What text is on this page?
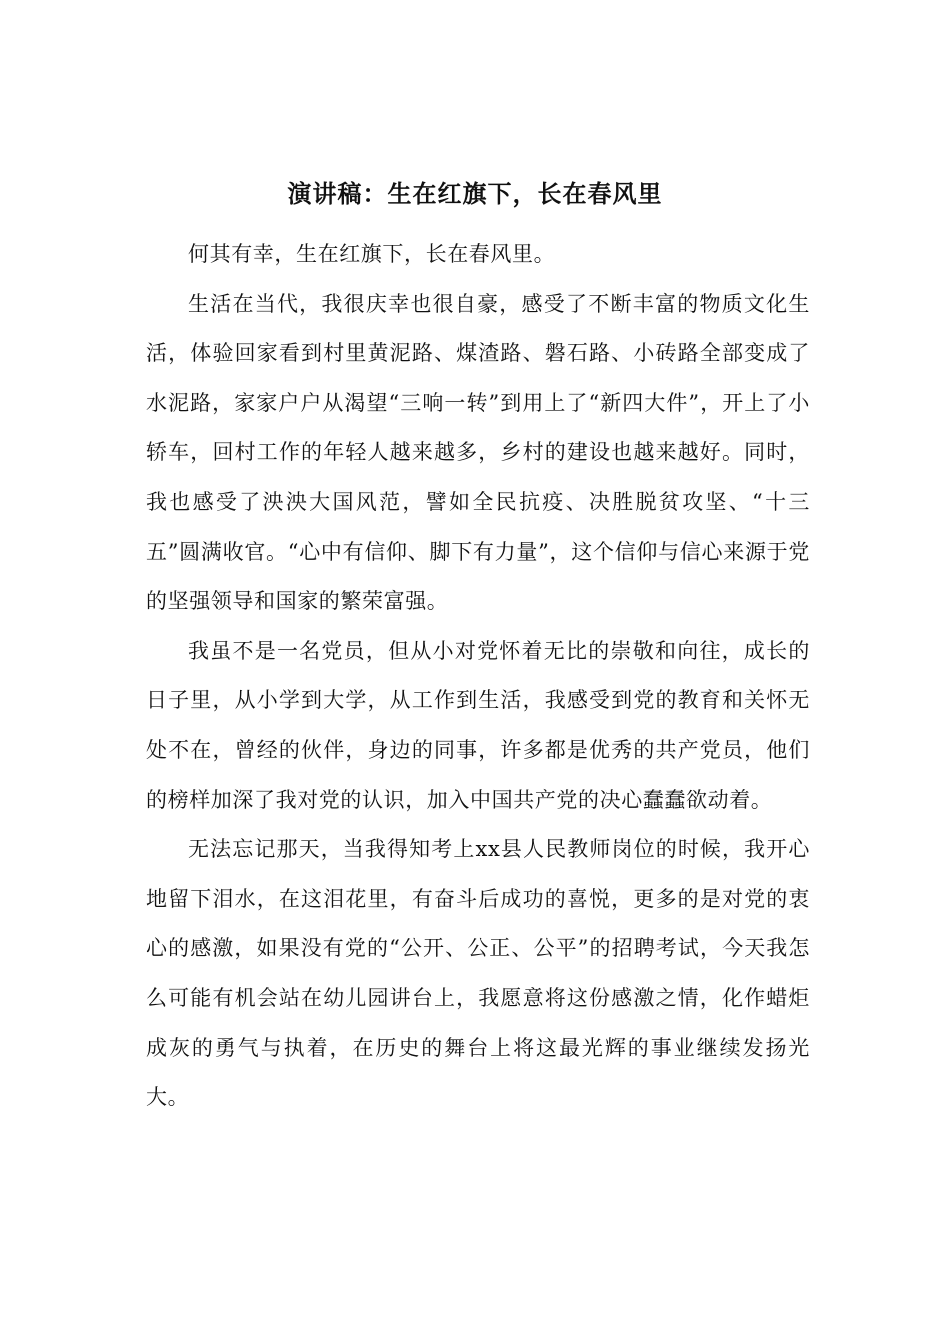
演讲稿：生在红旗下，长在春风里

何其有幸，生在红旗下，长在春风里。

生活在当代，我很庆幸也很自豪，感受了不断丰富的物质文化生活，体验回家看到村里黄泥路、煤渣路、磐石路、小砖路全部变成了水泥路，家家户户从渴望“三响一转”到用上了“新四大件”，开上了小轿车，回村工作的年轻人越来越多，乡村的建设也越来越好。同时，我也感受了泱泱大国风范，譬如全民抗疫、决胜脱贫攻坚、“十三五”圆满收官。“心中有信仰、脚下有力量”，这个信仰与信心来源于党的坚强领导和国家的繁荣富强。

我虽不是一名党员，但从小对党怀着无比的崇敬和向往，成长的日子里，从小学到大学，从工作到生活，我感受到党的教育和关怀无处不在，曾经的伙伴，身边的同事，许多都是优秀的共产党员，他们的榜样加深了我对党的认识，加入中国共产党的决心蠢蠢欲动着。

无法忘记那天，当我得知考上xx县人民教师岗位的时候，我开心地留下泪水，在这泪花里，有奋斗后成功的喜悦，更多的是对党的衷心的感激，如果没有党的“公开、公正、公平”的招聘考试，今天我怎么可能有机会站在幼儿园讲台上，我愿意将这份感激之情，化作蜡炬成灰的勇气与执着，在历史的舞台上将这最光辉的事业继续发扬光大。
